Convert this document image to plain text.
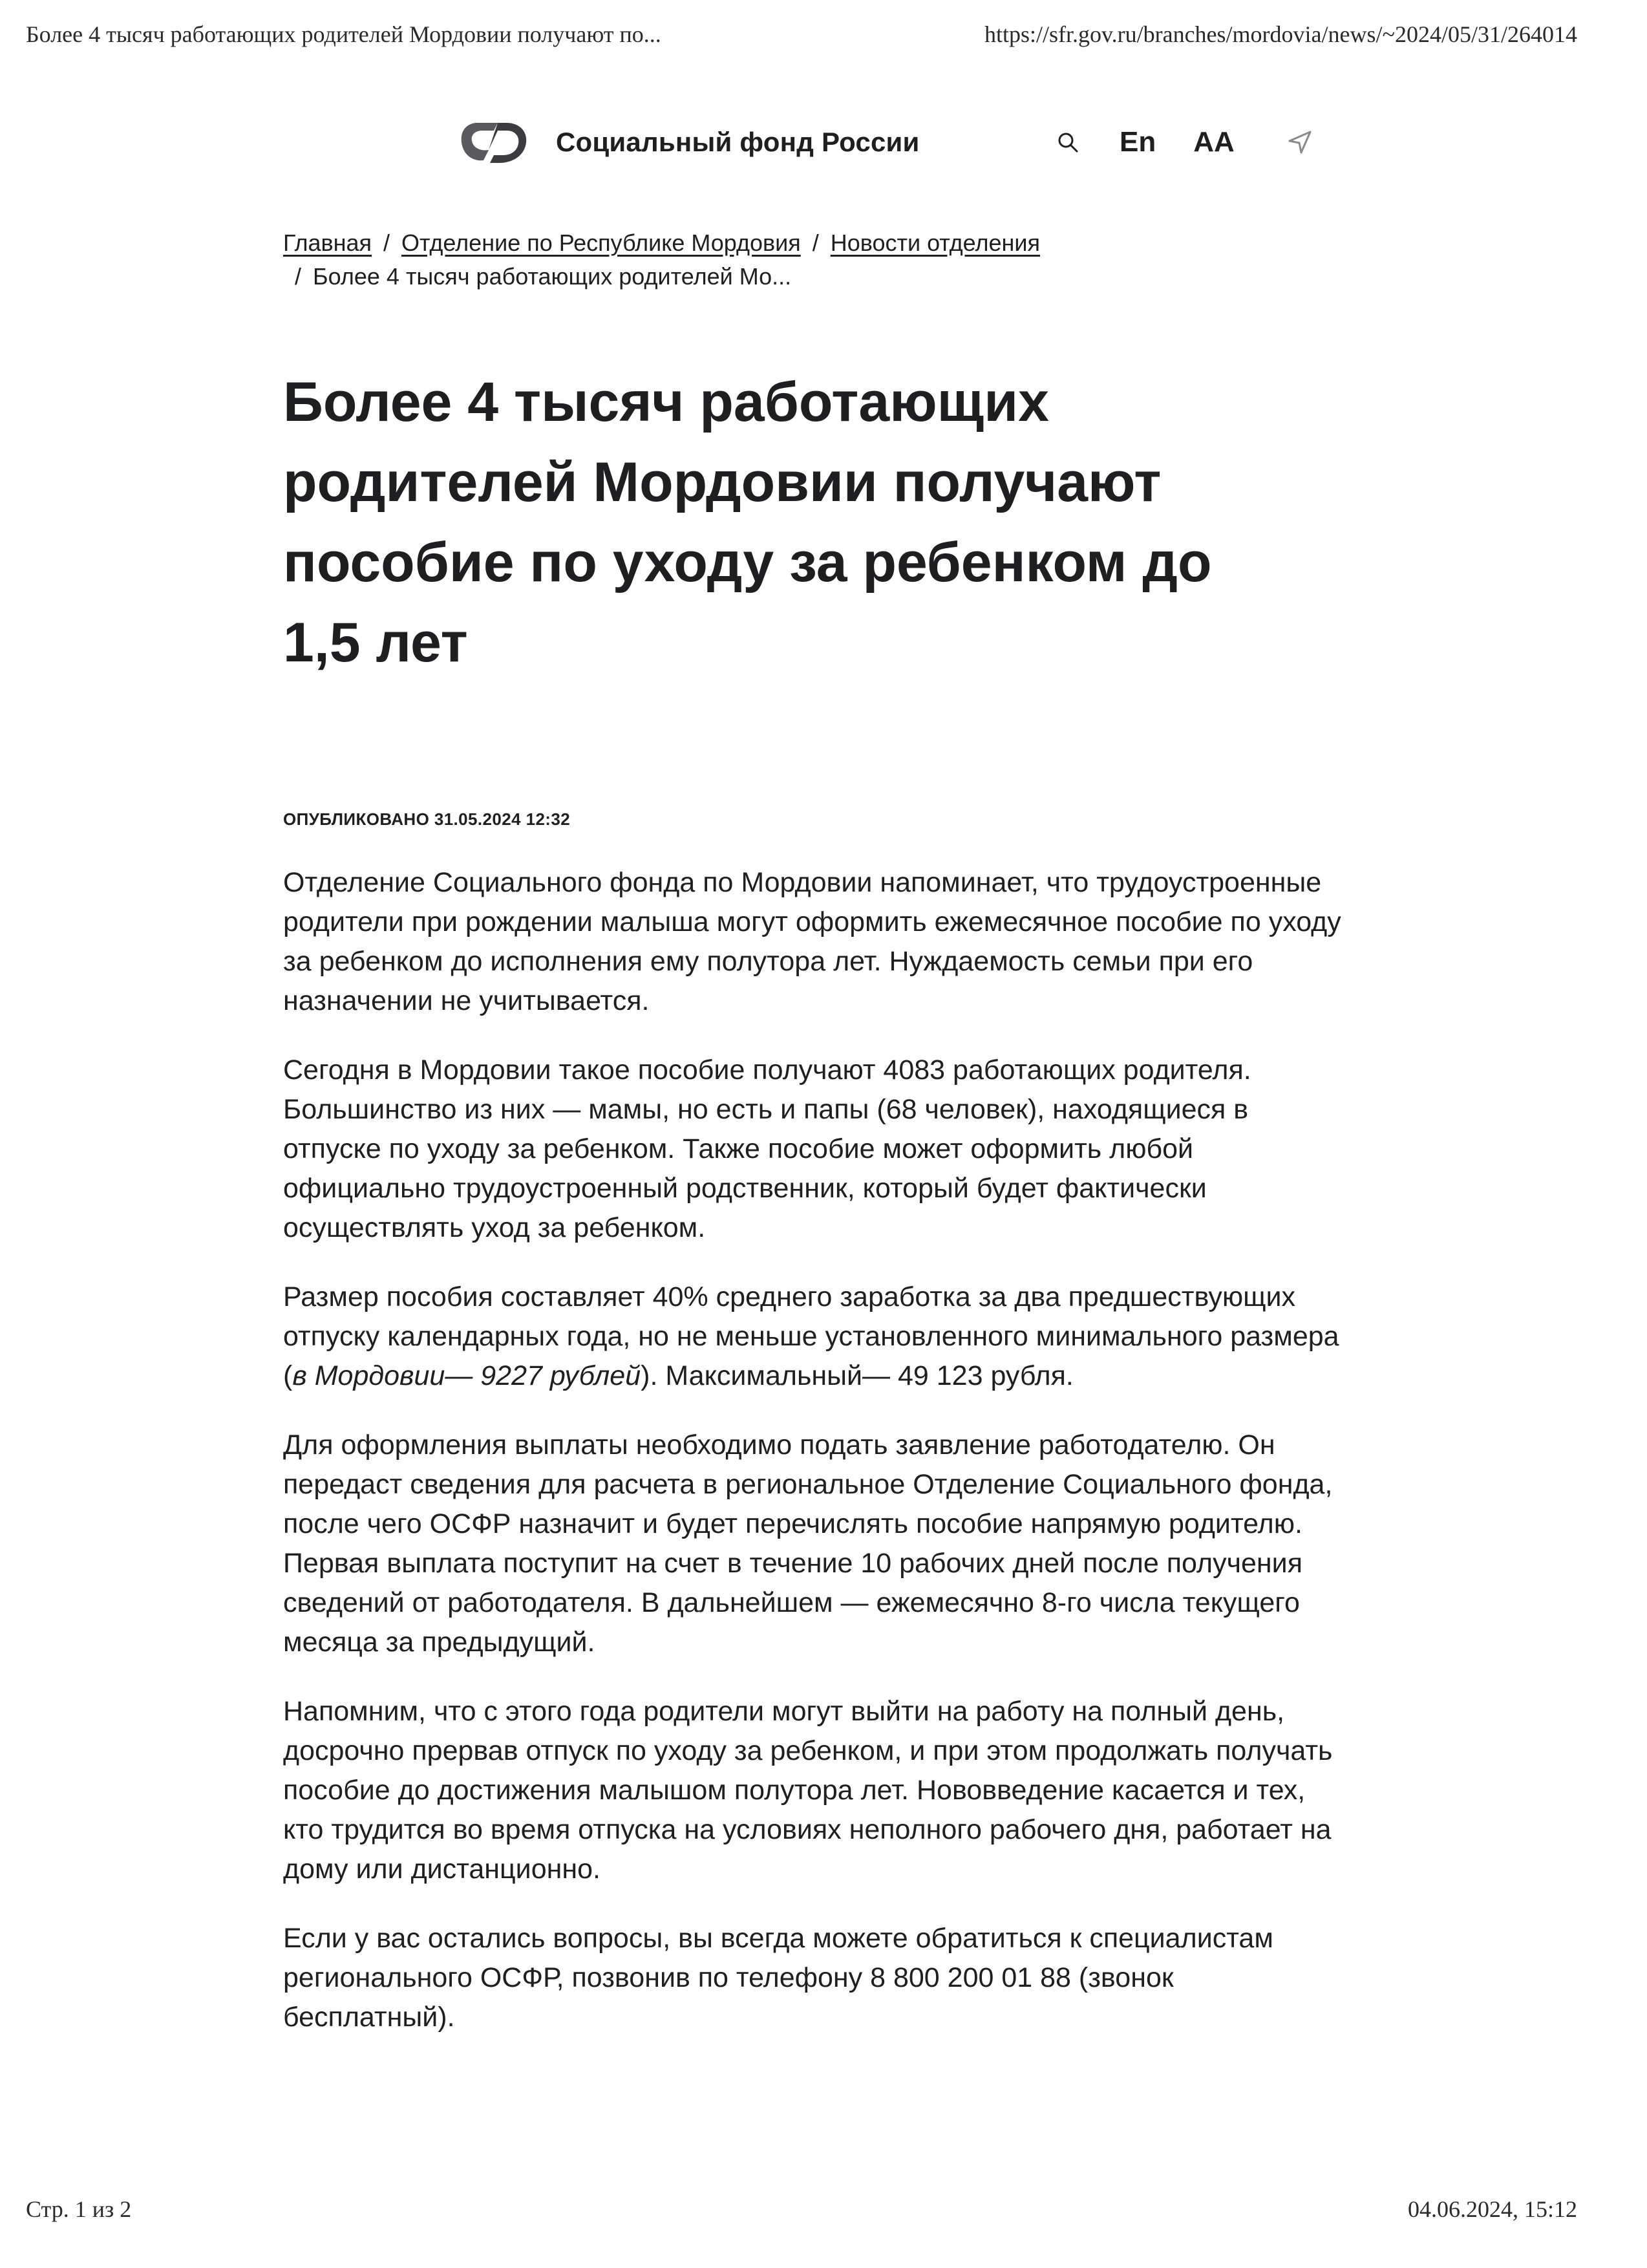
Более 4 тысяч работающих родителей Мордовии получают по...	https://sfr.gov.ru/branches/mordovia/news/~2024/05/31/264014
Социальный фонд России	En AA
Главная / Отделение по Республике Мордовия / Новости отделения
/ Более 4 тысяч работающих родителей Мо...
Более 4 тысяч работающих родителей Мордовии получают пособие по уходу за ребенком до 1,5 лет
ОПУБЛИКОВАНО 31.05.2024 12:32

Отделение Социального фонда по Мордовии напоминает, что трудоустроенные родители при рождении малыша могут оформить ежемесячное пособие по уходу за ребенком до исполнения ему полутора лет. Нуждаемость семьи при его назначении не учитывается.

Сегодня в Мордовии такое пособие получают 4083 работающих родителя. Большинство из них — мамы, но есть и папы (68 человек), находящиеся в отпуске по уходу за ребенком. Также пособие может оформить любой официально трудоустроенный родственник, который будет фактически осуществлять уход за ребенком.

Размер пособия составляет 40% среднего заработка за два предшествующих отпуску календарных года, но не меньше установленного минимального размера (в Мордовии— 9227 рублей). Максимальный— 49 123 рубля.

Для оформления выплаты необходимо подать заявление работодателю. Он передаст сведения для расчета в региональное Отделение Социального фонда, после чего ОСФР назначит и будет перечислять пособие напрямую родителю. Первая выплата поступит на счет в течение 10 рабочих дней после получения сведений от работодателя. В дальнейшем — ежемесячно 8-го числа текущего месяца за предыдущий.

Напомним, что с этого года родители могут выйти на работу на полный день, досрочно прервав отпуск по уходу за ребенком, и при этом продолжать получать пособие до достижения малышом полутора лет. Нововведение касается и тех, кто трудится во время отпуска на условиях неполного рабочего дня, работает на дому или дистанционно.

Если у вас остались вопросы, вы всегда можете обратиться к специалистам регионального ОСФР, позвонив по телефону 8 800 200 01 88 (звонок бесплатный).

Стр. 1 из 2	04.06.2024, 15:12
